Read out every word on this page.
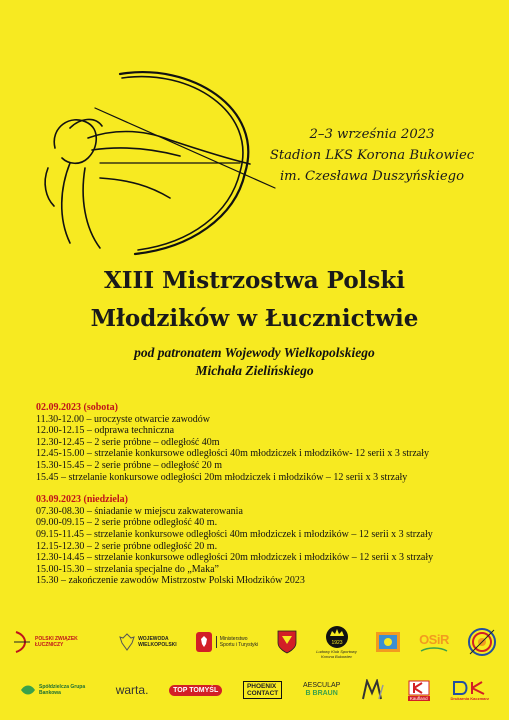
2–3 września 2023
Stadion LKS Korona Bukowiec
im. Czesława Duszyńskiego
XIII Mistrzostwa Polski
Młodzików w Łucznictwie
pod patronatem Wojewody Wielkopolskiego
Michała Zielińskiego
02.09.2023 (sobota)
11.30-12.00 – uroczyste otwarcie zawodów
12.00-12.15 – odprawa techniczna
12.30-12.45 – 2 serie próbne – odległość 40m
12.45-15.00 – strzelanie konkursowe odległości 40m młodziczek i młodzików- 12 serii x 3 strzały
15.30-15.45 – 2 serie próbne – odległość 20 m
15.45 – strzelanie konkursowe odległości 20m młodziczek i młodzików – 12 serii x 3 strzały
03.09.2023 (niedziela)
07.30-08.30 – śniadanie w miejscu zakwaterowania
09.00-09.15 – 2 serie próbne odległość 40 m.
09.15-11.45 – strzelanie konkursowe odległości 40m młodziczek i młodzików – 12 serii x 3 strzały
12.15-12.30 – 2 serie próbne odległość 20 m.
12.30-14.45 – strzelanie konkursowe odległości 20m młodziczek i młodzików – 12 serii x 3 strzały
15.00-15.30 – strzelania specjalne do „Maka”
15.30 – zakończenie zawodów Mistrzostw Polski Młodzików 2023
POLSKI ZWIĄZEK ŁUCZNICZY
WOJEWODA
WIELKOPOLSKI
Ministerstwo
Sportu i Turystyki	1923
Ludowy Klub Sportowy
Korona Bukowiec
OSiR
Spółdzielcza Grupa Bankowa	warta.	TOP TOMYŚL	PHOENIX
CONTACT
AESCULAP
B BRAUN
Kaufland	Drukarnia Kaczmarz
